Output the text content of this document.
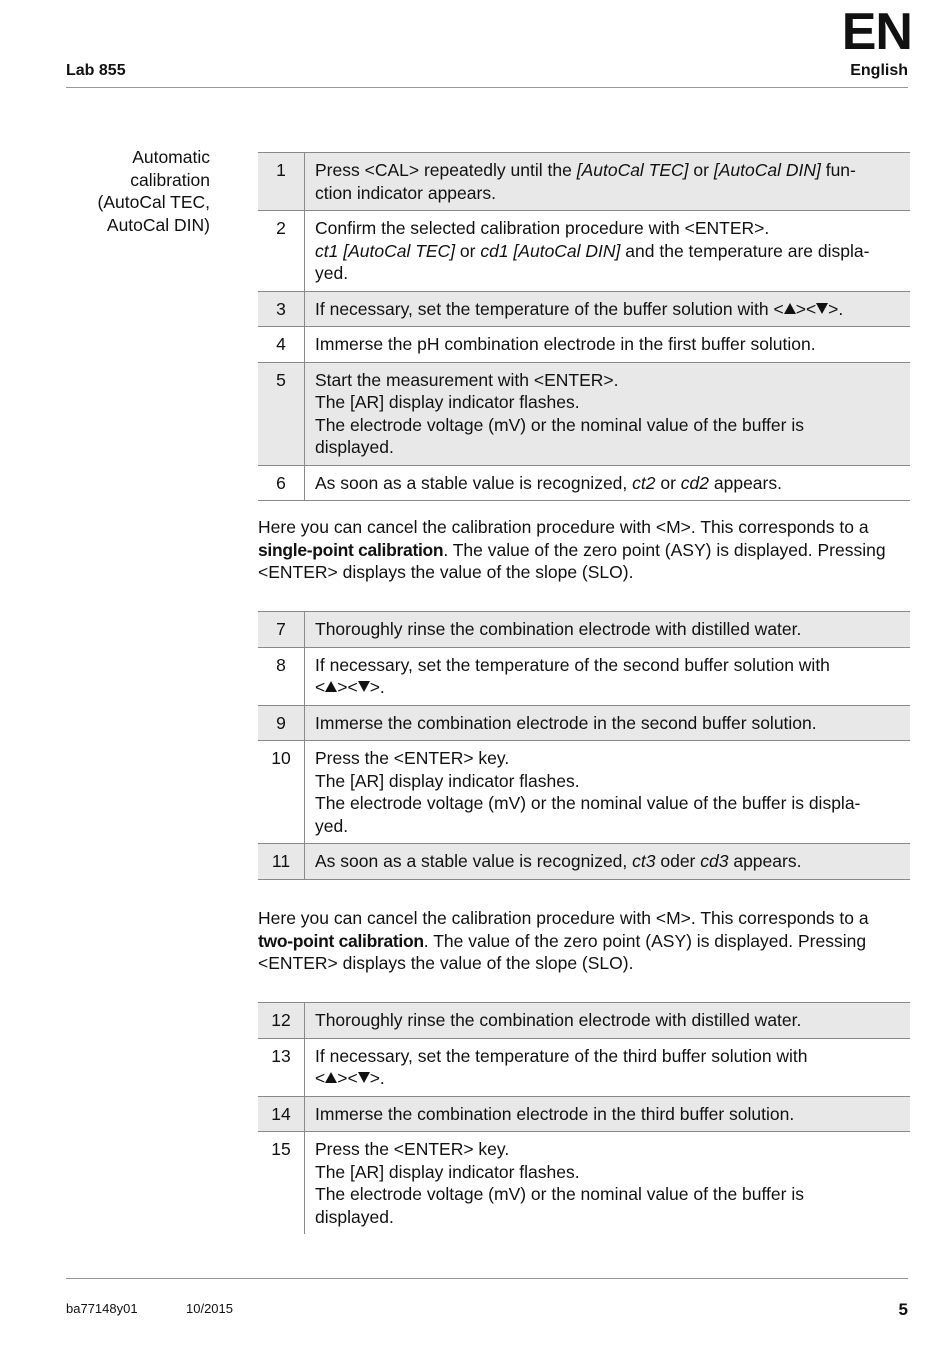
EN
Lab 855	English
Automatic
calibration
(AutoCal TEC,
AutoCal DIN)
1	Press <CAL> repeatedly until the [AutoCal TEC] or [AutoCal DIN] fun-
ction indicator appears.
2	Confirm the selected calibration procedure with <ENTER>.
ct1 [AutoCal TEC] or cd1 [AutoCal DIN] and the temperature are displa-
yed.
3	If necessary, set the temperature of the buffer solution with < >< >.
4	Immerse the pH combination electrode in the first buffer solution.
5	Start the measurement with <ENTER>.
The [AR] display indicator flashes.
The electrode voltage (mV) or the nominal value of the buffer is
displayed.
6	As soon as a stable value is recognized, ct2 or cd2 appears.

Here you can cancel the calibration procedure with <M>. This corresponds to a
single-point calibration. The value of the zero point (ASY) is displayed. Pressing
<ENTER> displays the value of the slope (SLO).

7	Thoroughly rinse the combination electrode with distilled water.
8	If necessary, set the temperature of the second buffer solution with
< >< >.
9	Immerse the combination electrode in the second buffer solution.
10	Press the <ENTER> key.
The [AR] display indicator flashes.
The electrode voltage (mV) or the nominal value of the buffer is displa-
yed.
11	As soon as a stable value is recognized, ct3 oder cd3 appears.

Here you can cancel the calibration procedure with <M>. This corresponds to a
two-point calibration. The value of the zero point (ASY) is displayed. Pressing
<ENTER> displays the value of the slope (SLO).

12	Thoroughly rinse the combination electrode with distilled water.
13	If necessary, set the temperature of the third buffer solution with
< >< >.
14	Immerse the combination electrode in the third buffer solution.
15	Press the <ENTER> key.
The [AR] display indicator flashes.
The electrode voltage (mV) or the nominal value of the buffer is
displayed.
ba77148y01	10/2015	5
